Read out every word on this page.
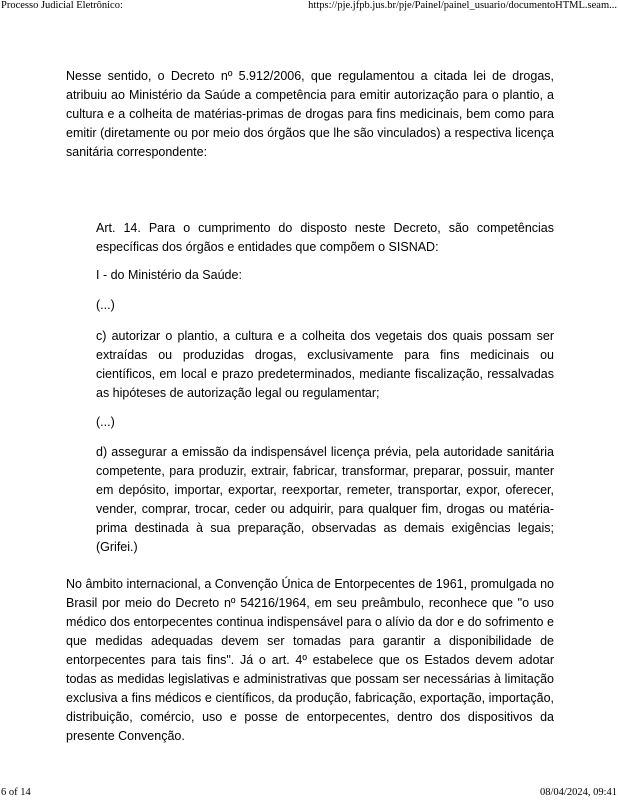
Processo Judicial Eletrônico:	https://pje.jfpb.jus.br/pje/Painel/painel_usuario/documentoHTML.seam...

Nesse sentido, o Decreto nº 5.912/2006, que regulamentou a citada lei de drogas, atribuiu ao Ministério da Saúde a competência para emitir autorização para o plantio, a cultura e a colheita de matérias-primas de drogas para fins medicinais, bem como para emitir (diretamente ou por meio dos órgãos que lhe são vinculados) a respectiva licença sanitária correspondente:

Art. 14. Para o cumprimento do disposto neste Decreto, são competências específicas dos órgãos e entidades que compõem o SISNAD:

I - do Ministério da Saúde:

(...)

c) autorizar o plantio, a cultura e a colheita dos vegetais dos quais possam ser extraídas ou produzidas drogas, exclusivamente para fins medicinais ou científicos, em local e prazo predeterminados, mediante fiscalização, ressalvadas as hipóteses de autorização legal ou regulamentar;

(...)

d) assegurar a emissão da indispensável licença prévia, pela autoridade sanitária competente, para produzir, extrair, fabricar, transformar, preparar, possuir, manter em depósito, importar, exportar, reexportar, remeter, transportar, expor, oferecer, vender, comprar, trocar, ceder ou adquirir, para qualquer fim, drogas ou matéria-prima destinada à sua preparação, observadas as demais exigências legais; (Grifei.)

No âmbito internacional, a Convenção Única de Entorpecentes de 1961, promulgada no Brasil por meio do Decreto nº 54216/1964, em seu preâmbulo, reconhece que "o uso médico dos entorpecentes continua indispensável para o alívio da dor e do sofrimento e que medidas adequadas devem ser tomadas para garantir a disponibilidade de entorpecentes para tais fins". Já o art. 4º estabelece que os Estados devem adotar todas as medidas legislativas e administrativas que possam ser necessárias à limitação exclusiva a fins médicos e científicos, da produção, fabricação, exportação, importação, distribuição, comércio, uso e posse de entorpecentes, dentro dos dispositivos da presente Convenção.

6 of 14	08/04/2024, 09:41
